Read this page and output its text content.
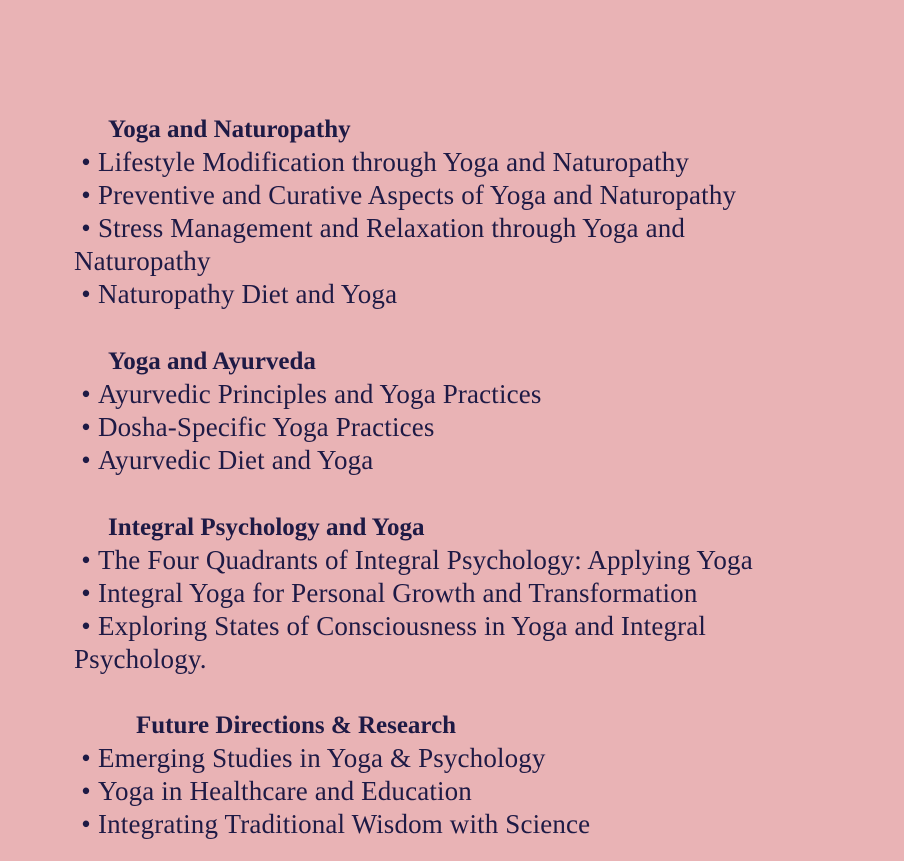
Yoga and Naturopathy
• Lifestyle Modification through Yoga and Naturopathy
• Preventive and Curative Aspects of Yoga and Naturopathy
• Stress Management and Relaxation through Yoga and Naturopathy
• Naturopathy Diet and Yoga
Yoga and Ayurveda
• Ayurvedic Principles and Yoga Practices
• Dosha-Specific Yoga Practices
• Ayurvedic Diet and Yoga
Integral Psychology and Yoga
• The Four Quadrants of Integral Psychology: Applying Yoga
• Integral Yoga for Personal Growth and Transformation
• Exploring States of Consciousness in Yoga and Integral Psychology.
Future Directions & Research
• Emerging Studies in Yoga & Psychology
• Yoga in Healthcare and Education
• Integrating Traditional Wisdom with Science
